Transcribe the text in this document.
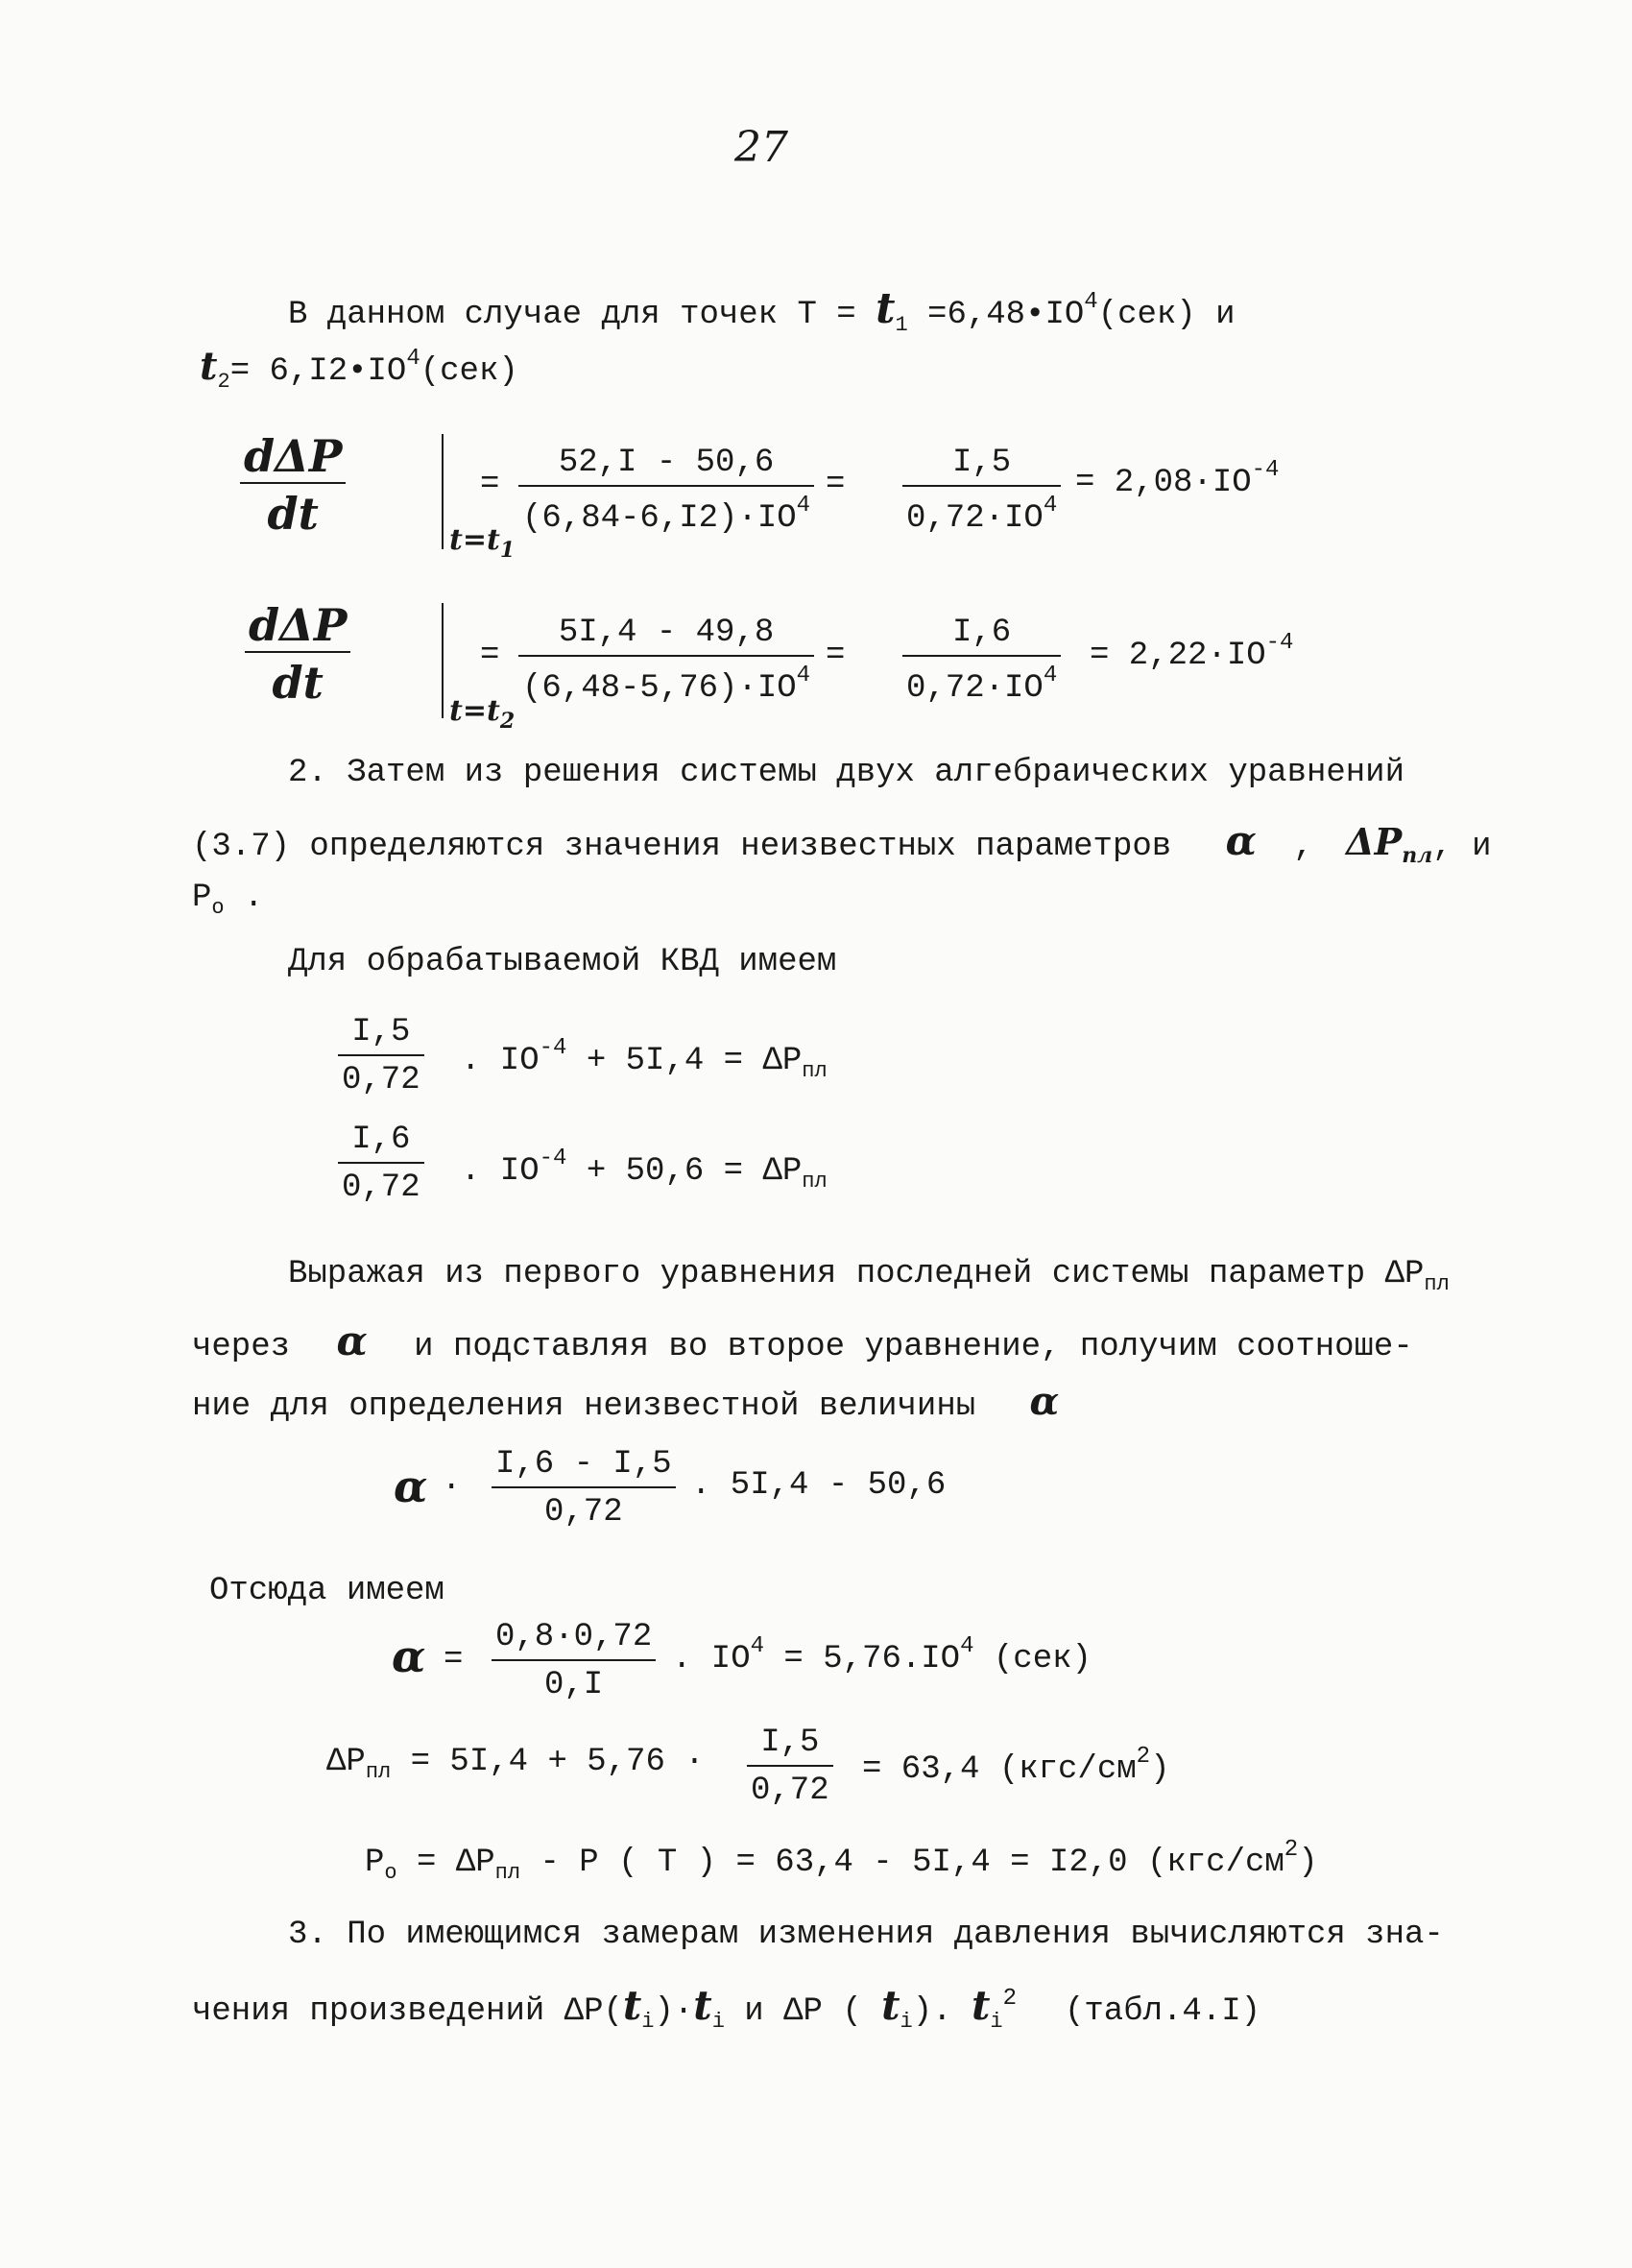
27
В данном случае для точек $T = t_1$ $=6,48•IO^4(сек)$ и
$t_2=$ $6,I2•IO^4(сек)$
dΔP
dt
$t=t_1$
= $\frac{52,I - 50,6}{(6,84-6,I2)\cdot IO^4} = \frac{I,5}{0,72\cdot IO^4} = 2,08\cdot IO^{-4}$
dΔP
dt
$t=t_2$
= $\frac{5I,4 - 49,8}{(6,48-5,76)\cdot IO^4} = \frac{I,6}{0,72\cdot IO^4} = 2,22\cdot IO^{-4}$
2. Затем из решения системы двух алгебраических уравнений
(3.7) определяются значения неизвестных параметров α , $\Delta P_{пл}$, и
$P_o$ .
Для обрабатываемой КВД имеем
$\frac{I,5}{0,72}$ . $IO^{-4} + 5I,4 = \Delta P_{пл}$
$\frac{I,6}{0,72}$ . $IO^{-4} + 50,6 = \Delta P_{пл}$
Выражая из первого уравнения последней системы параметр $\Delta P_{пл}$
через α и подставляя во второе уравнение, получим соотноше-
ние для определения неизвестной величины α
$\alpha \cdot \frac{I,6 - I,5}{0,72}$ . 5I,4 - 50,6
Отсюда имеем
$\alpha = \frac{0,8\cdot 0,72}{0,I}$ . $IO^4 = 5,76.IO^4$ (сек)
$\Delta P_{пл} = 5I,4 + 5,76 \cdot \frac{I,5}{0,72} = 63,4$ $(кгс/см^2)$
$P_o = \Delta P_{пл} - P$ ( T ) = 63,4 - 5I,4 = I2,0 $(кгс/см^2)$
3. По имеющимся замерам изменения давления вычисляются зна-
чения произведений $\Delta P(t_i)\cdot t_i$ и ΔP ( $t_i$). $t_i^2$ (табл.4.I)
